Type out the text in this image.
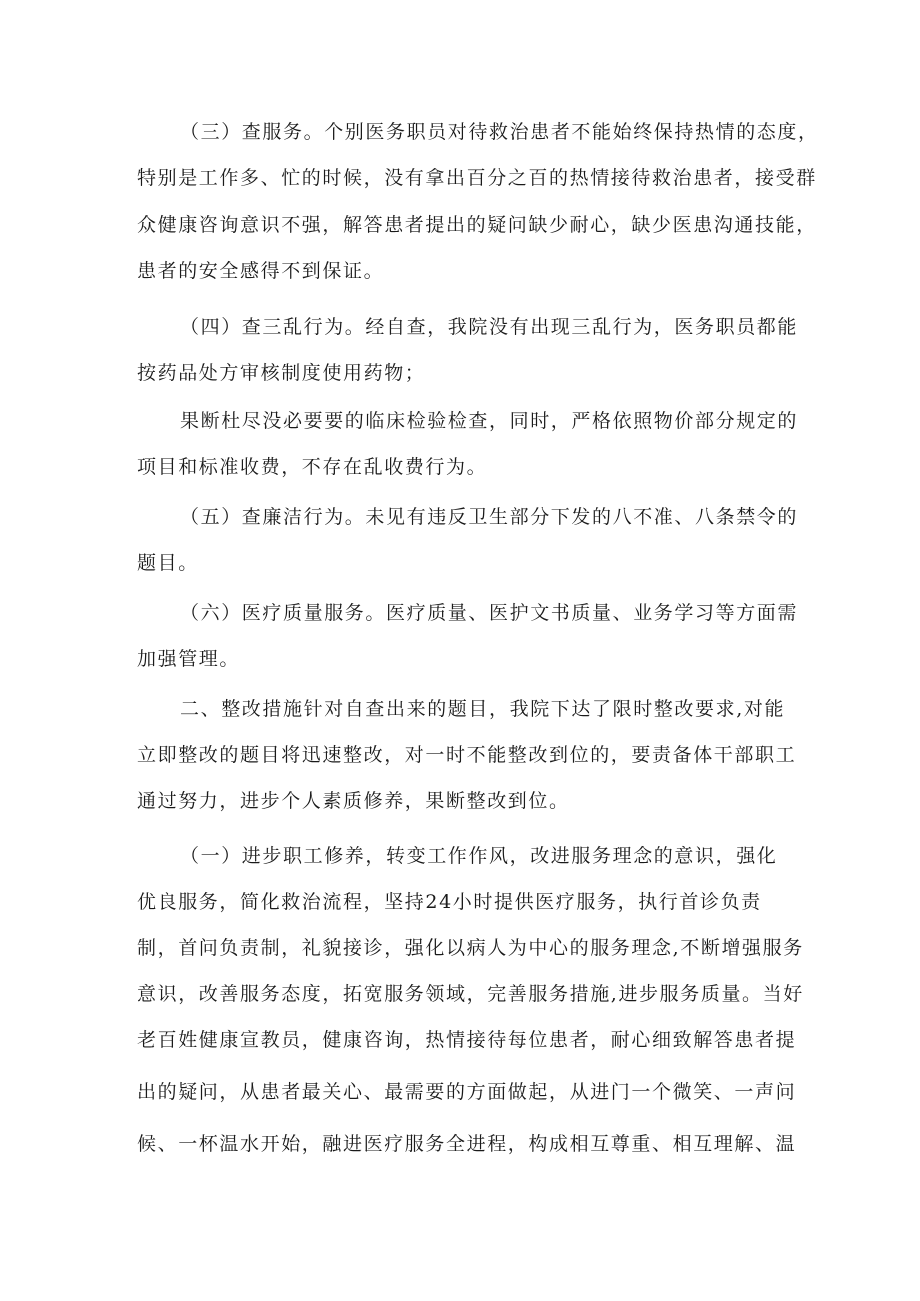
（三）查服务。个别医务职员对待救治患者不能始终保持热情的态度，
特别是工作多、忙的时候，没有拿出百分之百的热情接待救治患者，接受群
众健康咨询意识不强，解答患者提出的疑问缺少耐心，缺少医患沟通技能，
患者的安全感得不到保证。
（四）查三乱行为。经自查，我院没有出现三乱行为，医务职员都能
按药品处方审核制度使用药物；
果断杜尽没必要要的临床检验检查，同时，严格依照物价部分规定的
项目和标准收费，不存在乱收费行为。
（五）查廉洁行为。未见有违反卫生部分下发的八不准、八条禁令的
题目。
（六）医疗质量服务。医疗质量、医护文书质量、业务学习等方面需
加强管理。
二、整改措施针对自查出来的题目，我院下达了限时整改要求,对能
立即整改的题目将迅速整改，对一时不能整改到位的，要责备体干部职工
通过努力，进步个人素质修养，果断整改到位。
（一）进步职工修养，转变工作作风，改进服务理念的意识，强化
优良服务，简化救治流程，坚持24小时提供医疗服务，执行首诊负责
制，首问负责制，礼貌接诊，强化以病人为中心的服务理念,不断增强服务
意识，改善服务态度，拓宽服务领域，完善服务措施,进步服务质量。当好
老百姓健康宣教员，健康咨询，热情接待每位患者，耐心细致解答患者提
出的疑问，从患者最关心、最需要的方面做起，从进门一个微笑、一声问
候、一杯温水开始，融进医疗服务全进程，构成相互尊重、相互理解、温
